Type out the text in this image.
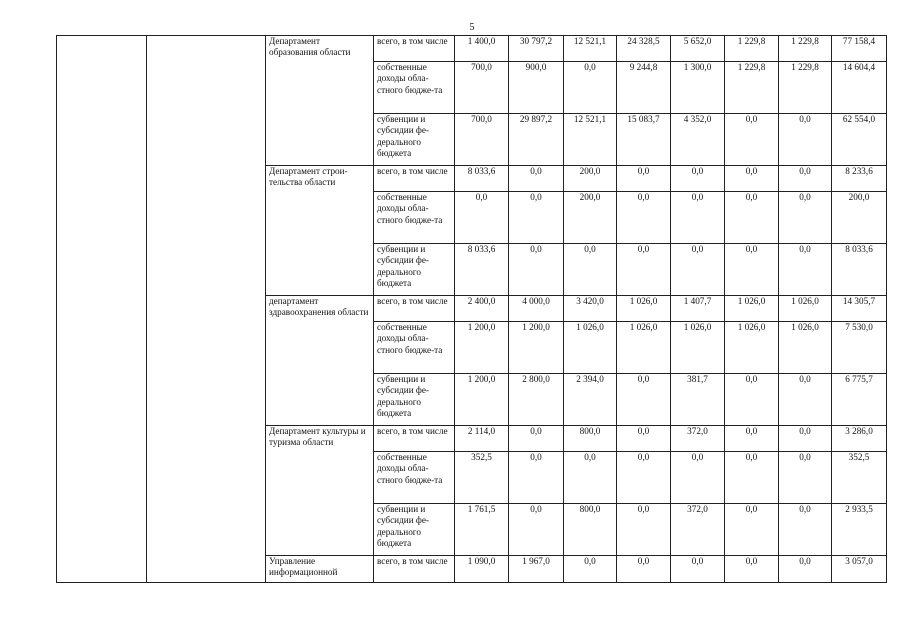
5
		Департамент образования области	всего, в том числе	1 400,0	30 797,2	12 521,1	24 328,5	5 652,0	1 229,8	1 229,8	77 158,4
			собственные доходы обла-стного бюдже-та	700,0	900,0	0,0	9 244,8	1 300,0	1 229,8	1 229,8	14 604,4
			субвенции и субсидии фе-дерального бюджета	700,0	29 897,2	12 521,1	15 083,7	4 352,0	0,0	0,0	62 554,0
		Департамент строи-тельства области	всего, в том числе	8 033,6	0,0	200,0	0,0	0,0	0,0	0,0	8 233,6
			собственные доходы обла-стного бюдже-та	0,0	0,0	200,0	0,0	0,0	0,0	0,0	200,0
			субвенции и субсидии фе-дерального бюджета	8 033,6	0,0	0,0	0,0	0,0	0,0	0,0	8 033,6
		департамент здравоохранения области	всего, в том числе	2 400,0	4 000,0	3 420,0	1 026,0	1 407,7	1 026,0	1 026,0	14 305,7
			собственные доходы обла-стного бюдже-та	1 200,0	1 200,0	1 026,0	1 026,0	1 026,0	1 026,0	1 026,0	7 530,0
			субвенции и субсидии фе-дерального бюджета	1 200,0	2 800,0	2 394,0	0,0	381,7	0,0	0,0	6 775,7
		Департамент культуры и туризма области	всего, в том числе	2 114,0	0,0	800,0	0,0	372,0	0,0	0,0	3 286,0
			собственные доходы обла-стного бюдже-та	352,5	0,0	0,0	0,0	0,0	0,0	0,0	352,5
			субвенции и субсидии фе-дерального бюджета	1 761,5	0,0	800,0	0,0	372,0	0,0	0,0	2 933,5
		Управление информационной	всего, в том числе	1 090,0	1 967,0	0,0	0,0	0,0	0,0	0,0	3 057,0
